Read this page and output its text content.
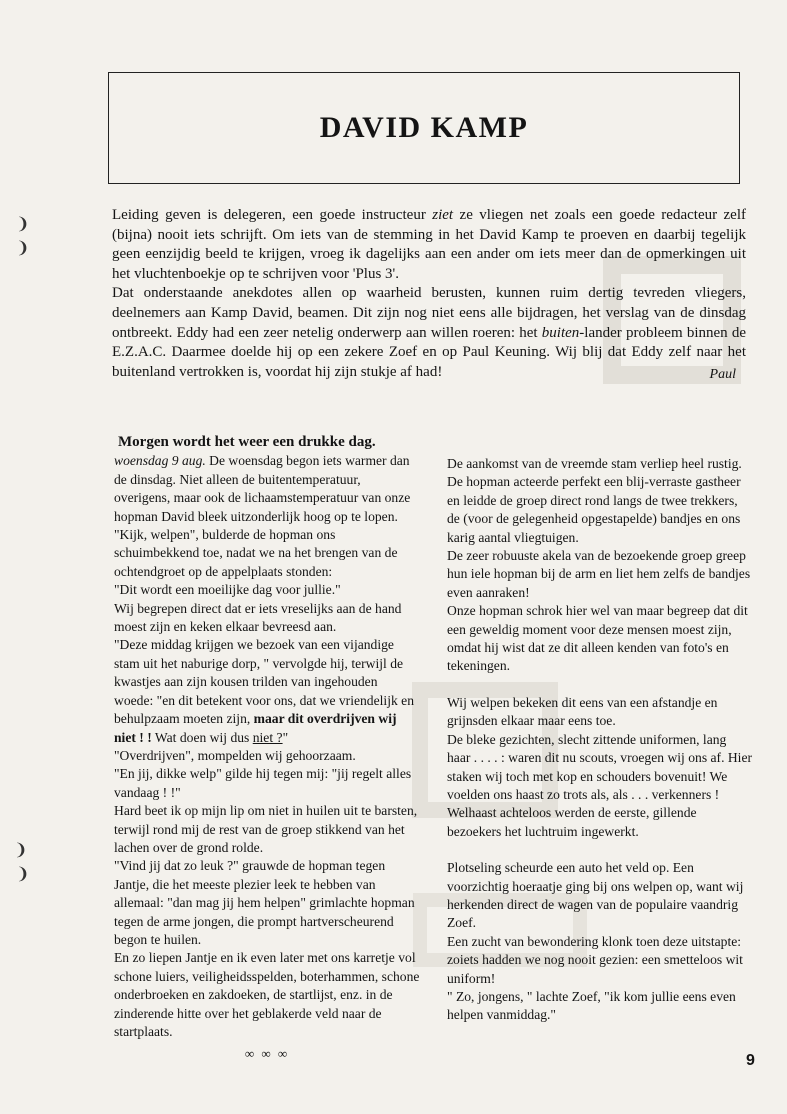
DAVID KAMP

Leiding geven is delegeren, een goede instructeur ziet ze vliegen net zoals een goede redacteur zelf (bijna) nooit iets schrijft. Om iets van de stemming in het David Kamp te proeven en daarbij tegelijk geen eenzijdig beeld te krijgen, vroeg ik dagelijks aan een ander om iets meer dan de opmerkingen uit het vluchtenboekje op te schrijven voor 'Plus 3'.

Dat onderstaande anekdotes allen op waarheid berusten, kunnen ruim dertig tevreden vliegers, deelnemers aan Kamp David, beamen. Dit zijn nog niet eens alle bijdragen, het verslag van de dinsdag ontbreekt. Eddy had een zeer netelig onderwerp aan willen roeren: het buiten-lander probleem binnen de E.Z.A.C. Daarmee doelde hij op een zekere Zoef en op Paul Keuning. Wij blij dat Eddy zelf naar het buitenland vertrokken is, voordat hij zijn stukje af had!	Paul

Morgen wordt het weer een drukke dag.

woensdag 9 aug. De woensdag begon iets warmer dan de dinsdag. Niet alleen de buitentemperatuur, overigens, maar ook de lichaamstemperatuur van onze hopman David bleek uitzonderlijk hoog op te lopen.

"Kijk, welpen", bulderde de hopman ons schuimbekkend toe, nadat we na het brengen van de ochtendgroet op de appelplaats stonden:

"Dit wordt een moeilijke dag voor jullie."

Wij begrepen direct dat er iets vreselijks aan de hand moest zijn en keken elkaar bevreesd aan.

"Deze middag krijgen we bezoek van een vijandige stam uit het naburige dorp, " vervolgde hij, terwijl de kwastjes aan zijn kousen trilden van ingehouden woede: "en dit betekent voor ons, dat we vriendelijk en behulpzaam moeten zijn, maar dit overdrijven wij niet ! ! Wat doen wij dus niet ?"

"Overdrijven", mompelden wij gehoorzaam.

"En jij, dikke welp" gilde hij tegen mij: "jij regelt alles vandaag ! !"

Hard beet ik op mijn lip om niet in huilen uit te barsten, terwijl rond mij de rest van de groep stikkend van het lachen over de grond rolde.

"Vind jij dat zo leuk ?" grauwde de hopman tegen Jantje, die het meeste plezier leek te hebben van allemaal: "dan mag jij hem helpen" grimlachte hopman tegen de arme jongen, die prompt hartverscheurend begon te huilen.

En zo liepen Jantje en ik even later met ons karretje vol schone luiers, veiligheidsspelden, boterhammen, schone onderbroeken en zakdoeken, de startlijst, enz. in de zinderende hitte over het geblakerde veld naar de startplaats.

∞ ∞ ∞

De aankomst van de vreemde stam verliep heel rustig. De hopman acteerde perfekt een blij-verraste gastheer en leidde de groep direct rond langs de twee trekkers, de (voor de gelegenheid opgestapelde) bandjes en ons karig aantal vliegtuigen.

De zeer robuuste akela van de bezoekende groep greep hun iele hopman bij de arm en liet hem zelfs de bandjes even aanraken!

Onze hopman schrok hier wel van maar begreep dat dit een geweldig moment voor deze mensen moest zijn, omdat hij wist dat ze dit alleen kenden van foto's en tekeningen.

Wij welpen bekeken dit eens van een afstandje en grijnsden elkaar maar eens toe.

De bleke gezichten, slecht zittende uniformen, lang haar . . . . : waren dit nu scouts, vroegen wij ons af. Hier staken wij toch met kop en schouders bovenuit! We voelden ons haast zo trots als, als . . . verkenners !

Welhaast achteloos werden de eerste, gillende bezoekers het luchtruim ingewerkt.

Plotseling scheurde een auto het veld op. Een voorzichtig hoeraatje ging bij ons welpen op, want wij herkenden direct de wagen van de populaire vaandrig Zoef.

Een zucht van bewondering klonk toen deze uitstapte: zoiets hadden we nog nooit gezien: een smetteloos wit uniform!

" Zo, jongens, " lachte Zoef, "ik kom jullie eens even helpen vanmiddag."

9
❩
❩
❩
❩
